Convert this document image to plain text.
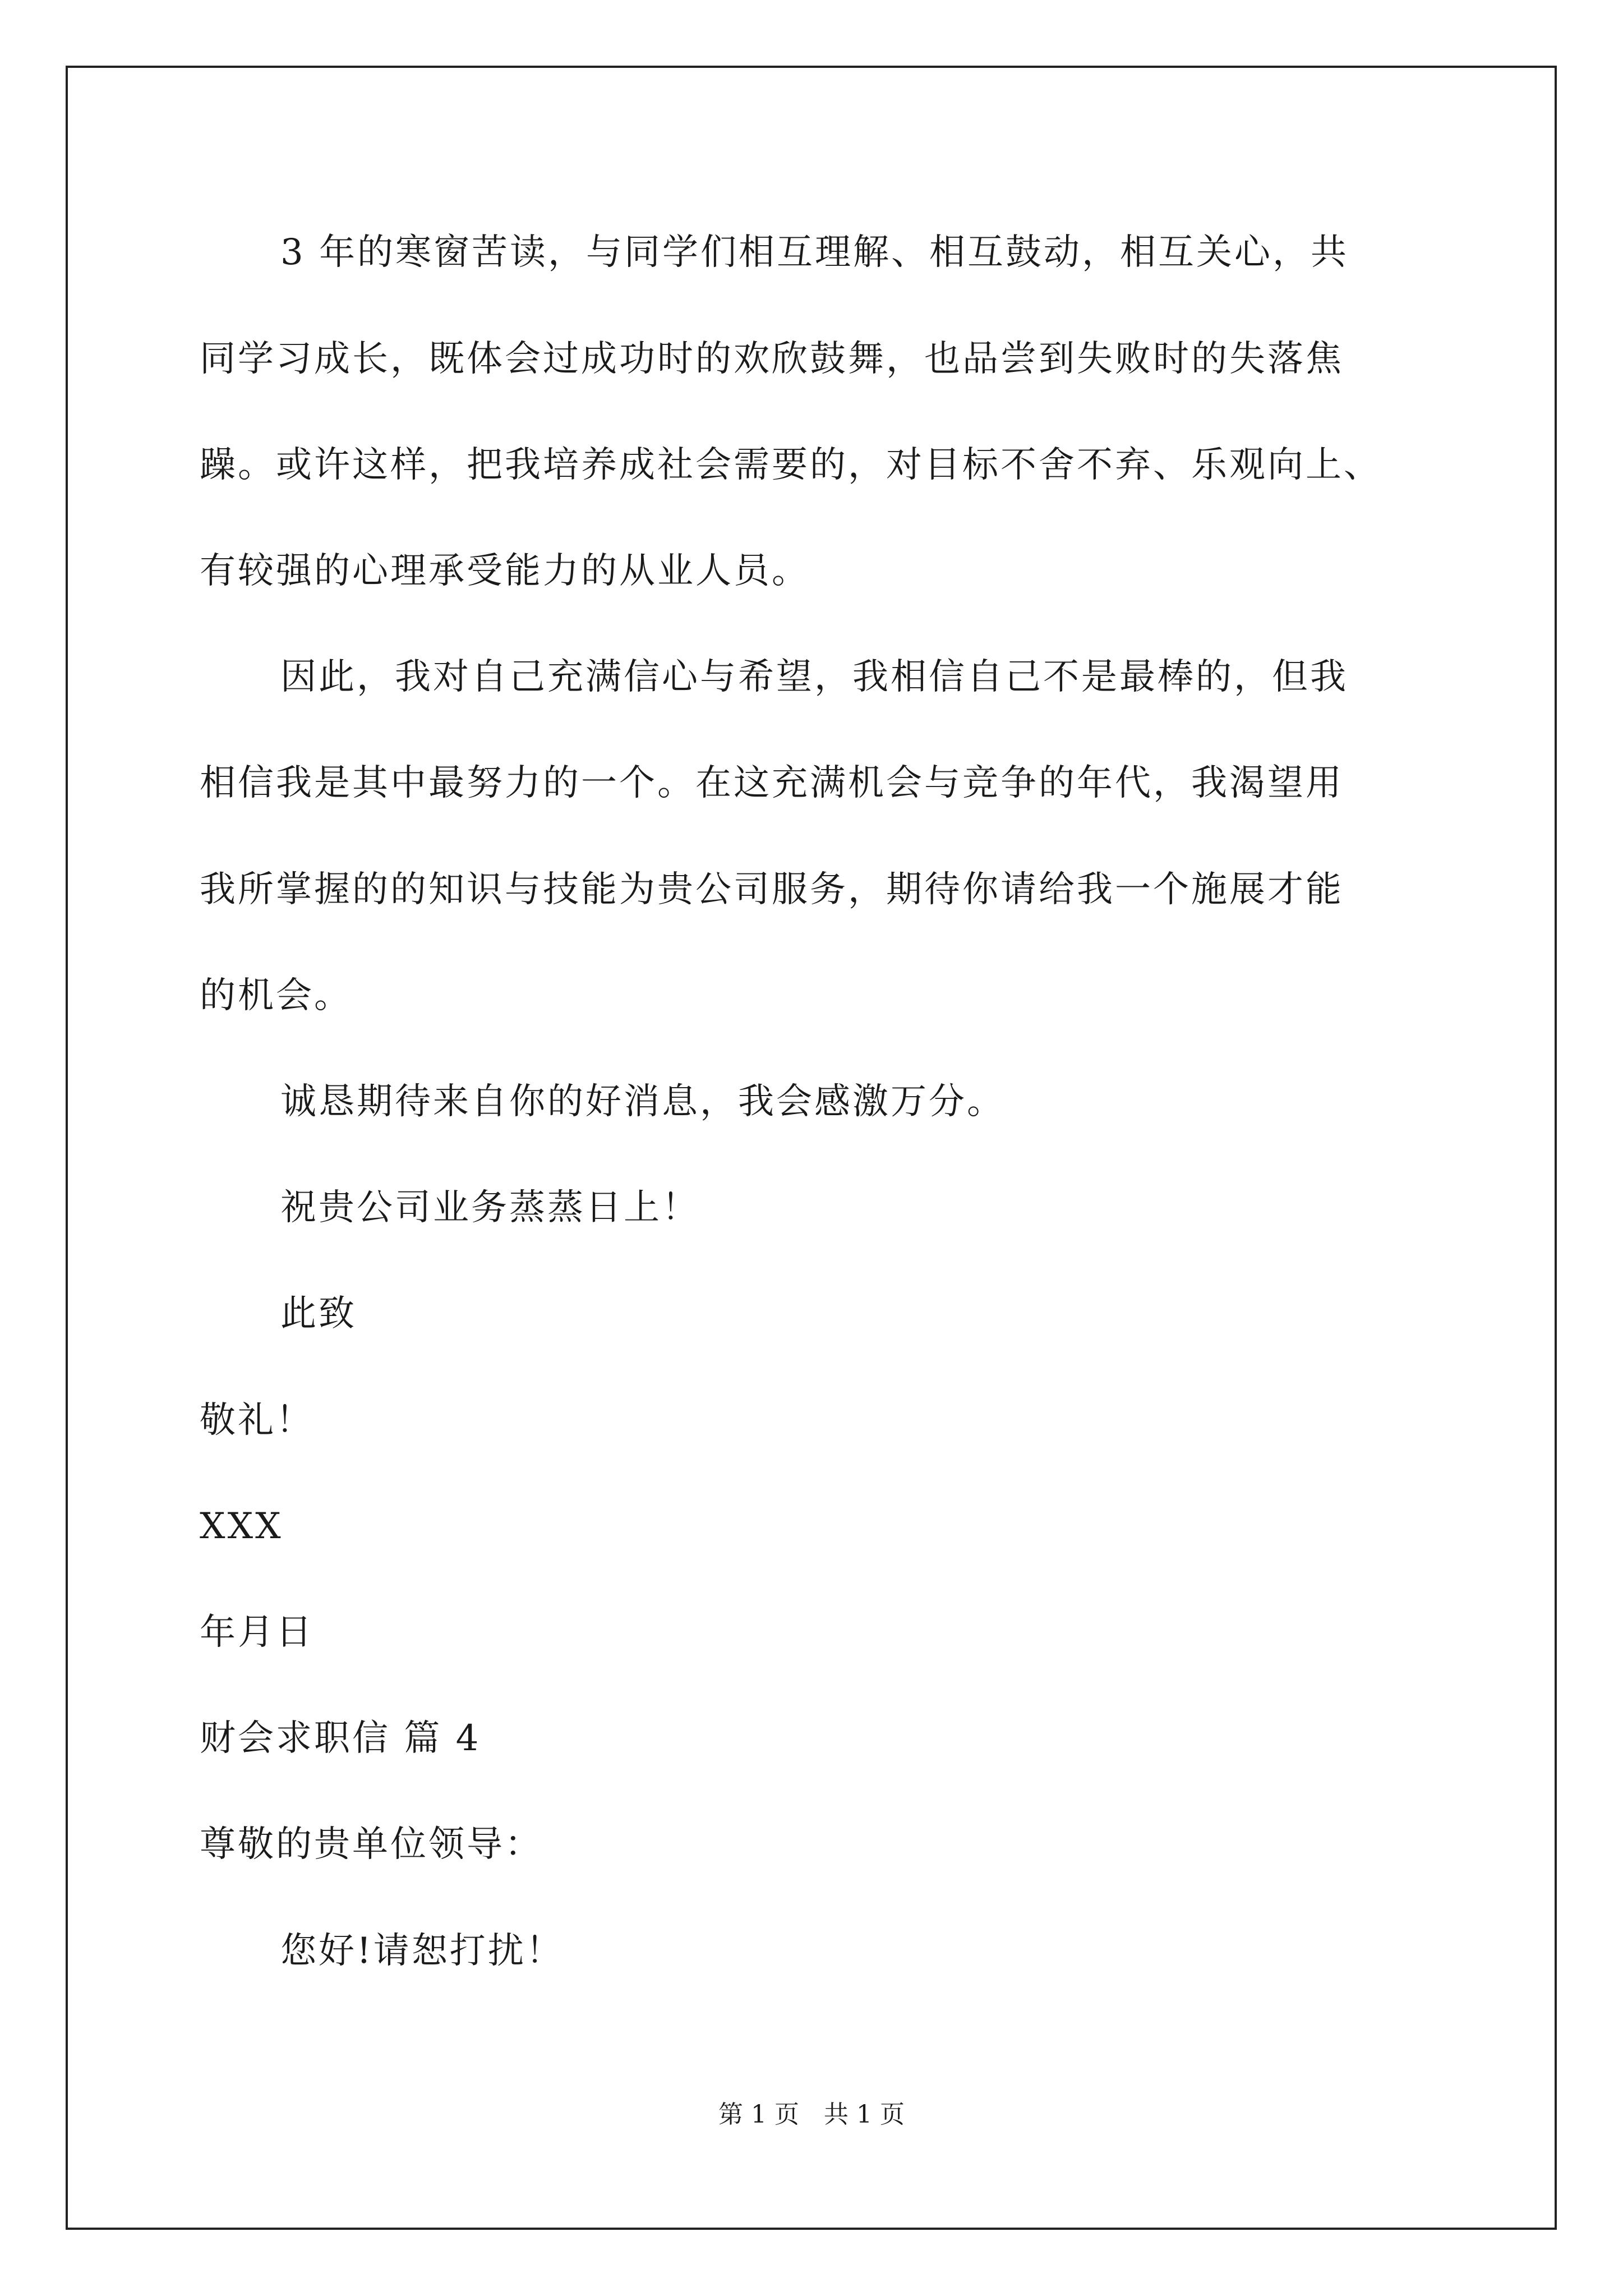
3 年的寒窗苦读，与同学们相互理解、相互鼓动，相互关心，共
同学习成长，既体会过成功时的欢欣鼓舞，也品尝到失败时的失落焦
躁。或许这样，把我培养成社会需要的，对目标不舍不弃、乐观向上、
有较强的心理承受能力的从业人员。
因此，我对自己充满信心与希望，我相信自己不是最棒的，但我
相信我是其中最努力的一个。在这充满机会与竞争的年代，我渴望用
我所掌握的的知识与技能为贵公司服务，期待你请给我一个施展才能
的机会。
诚恳期待来自你的好消息，我会感激万分。
祝贵公司业务蒸蒸日上！
此致
敬礼！
XXX
年月日
财会求职信 篇 4
尊敬的贵单位领导：
您好!请恕打扰！
第 1 页　共 1 页
